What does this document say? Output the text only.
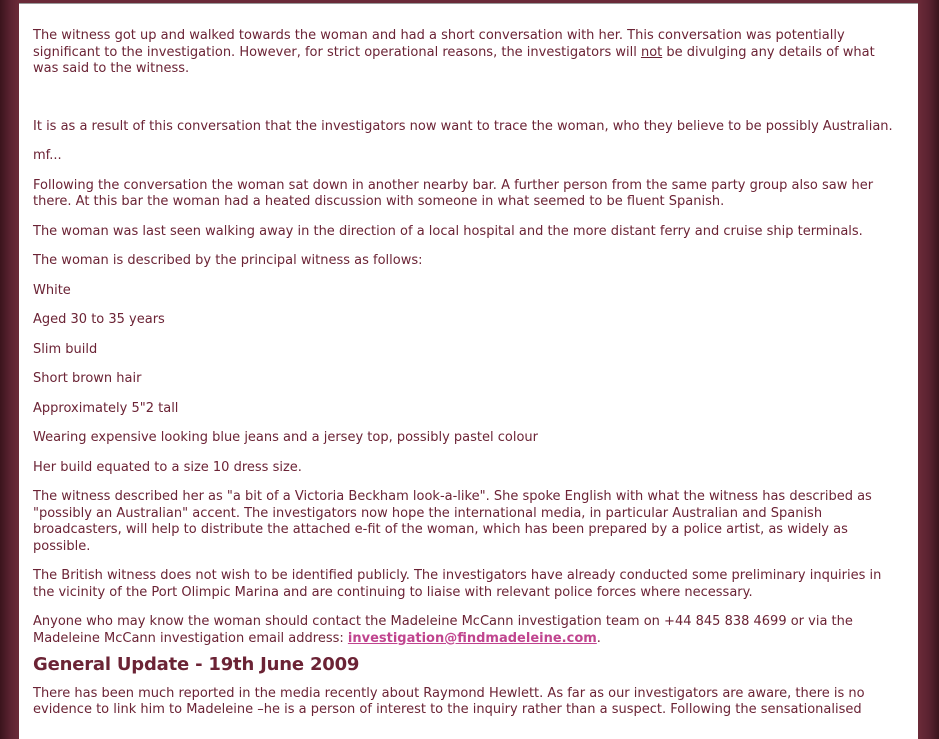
The witness got up and walked towards the woman and had a short conversation with her. This conversation was potentially significant to the investigation. However, for strict operational reasons, the investigators will not be divulging any details of what was said to the witness.

It is as a result of this conversation that the investigators now want to trace the woman, who they believe to be possibly Australian.

mf...

Following the conversation the woman sat down in another nearby bar. A further person from the same party group also saw her there. At this bar the woman had a heated discussion with someone in what seemed to be fluent Spanish.

The woman was last seen walking away in the direction of a local hospital and the more distant ferry and cruise ship terminals.

The woman is described by the principal witness as follows:

White

Aged 30 to 35 years

Slim build

Short brown hair

Approximately 5"2 tall

Wearing expensive looking blue jeans and a jersey top, possibly pastel colour

Her build equated to a size 10 dress size.

The witness described her as "a bit of a Victoria Beckham look-a-like". She spoke English with what the witness has described as "possibly an Australian" accent. The investigators now hope the international media, in particular Australian and Spanish broadcasters, will help to distribute the attached e-fit of the woman, which has been prepared by a police artist, as widely as possible.

The British witness does not wish to be identified publicly. The investigators have already conducted some preliminary inquiries in the vicinity of the Port Olimpic Marina and are continuing to liaise with relevant police forces where necessary.

Anyone who may know the woman should contact the Madeleine McCann investigation team on +44 845 838 4699 or via the Madeleine McCann investigation email address: investigation@findmadeleine.com.

General Update - 19th June 2009

There has been much reported in the media recently about Raymond Hewlett. As far as our investigators are aware, there is no evidence to link him to Madeleine –he is a person of interest to the inquiry rather than a suspect. Following the sensationalised
